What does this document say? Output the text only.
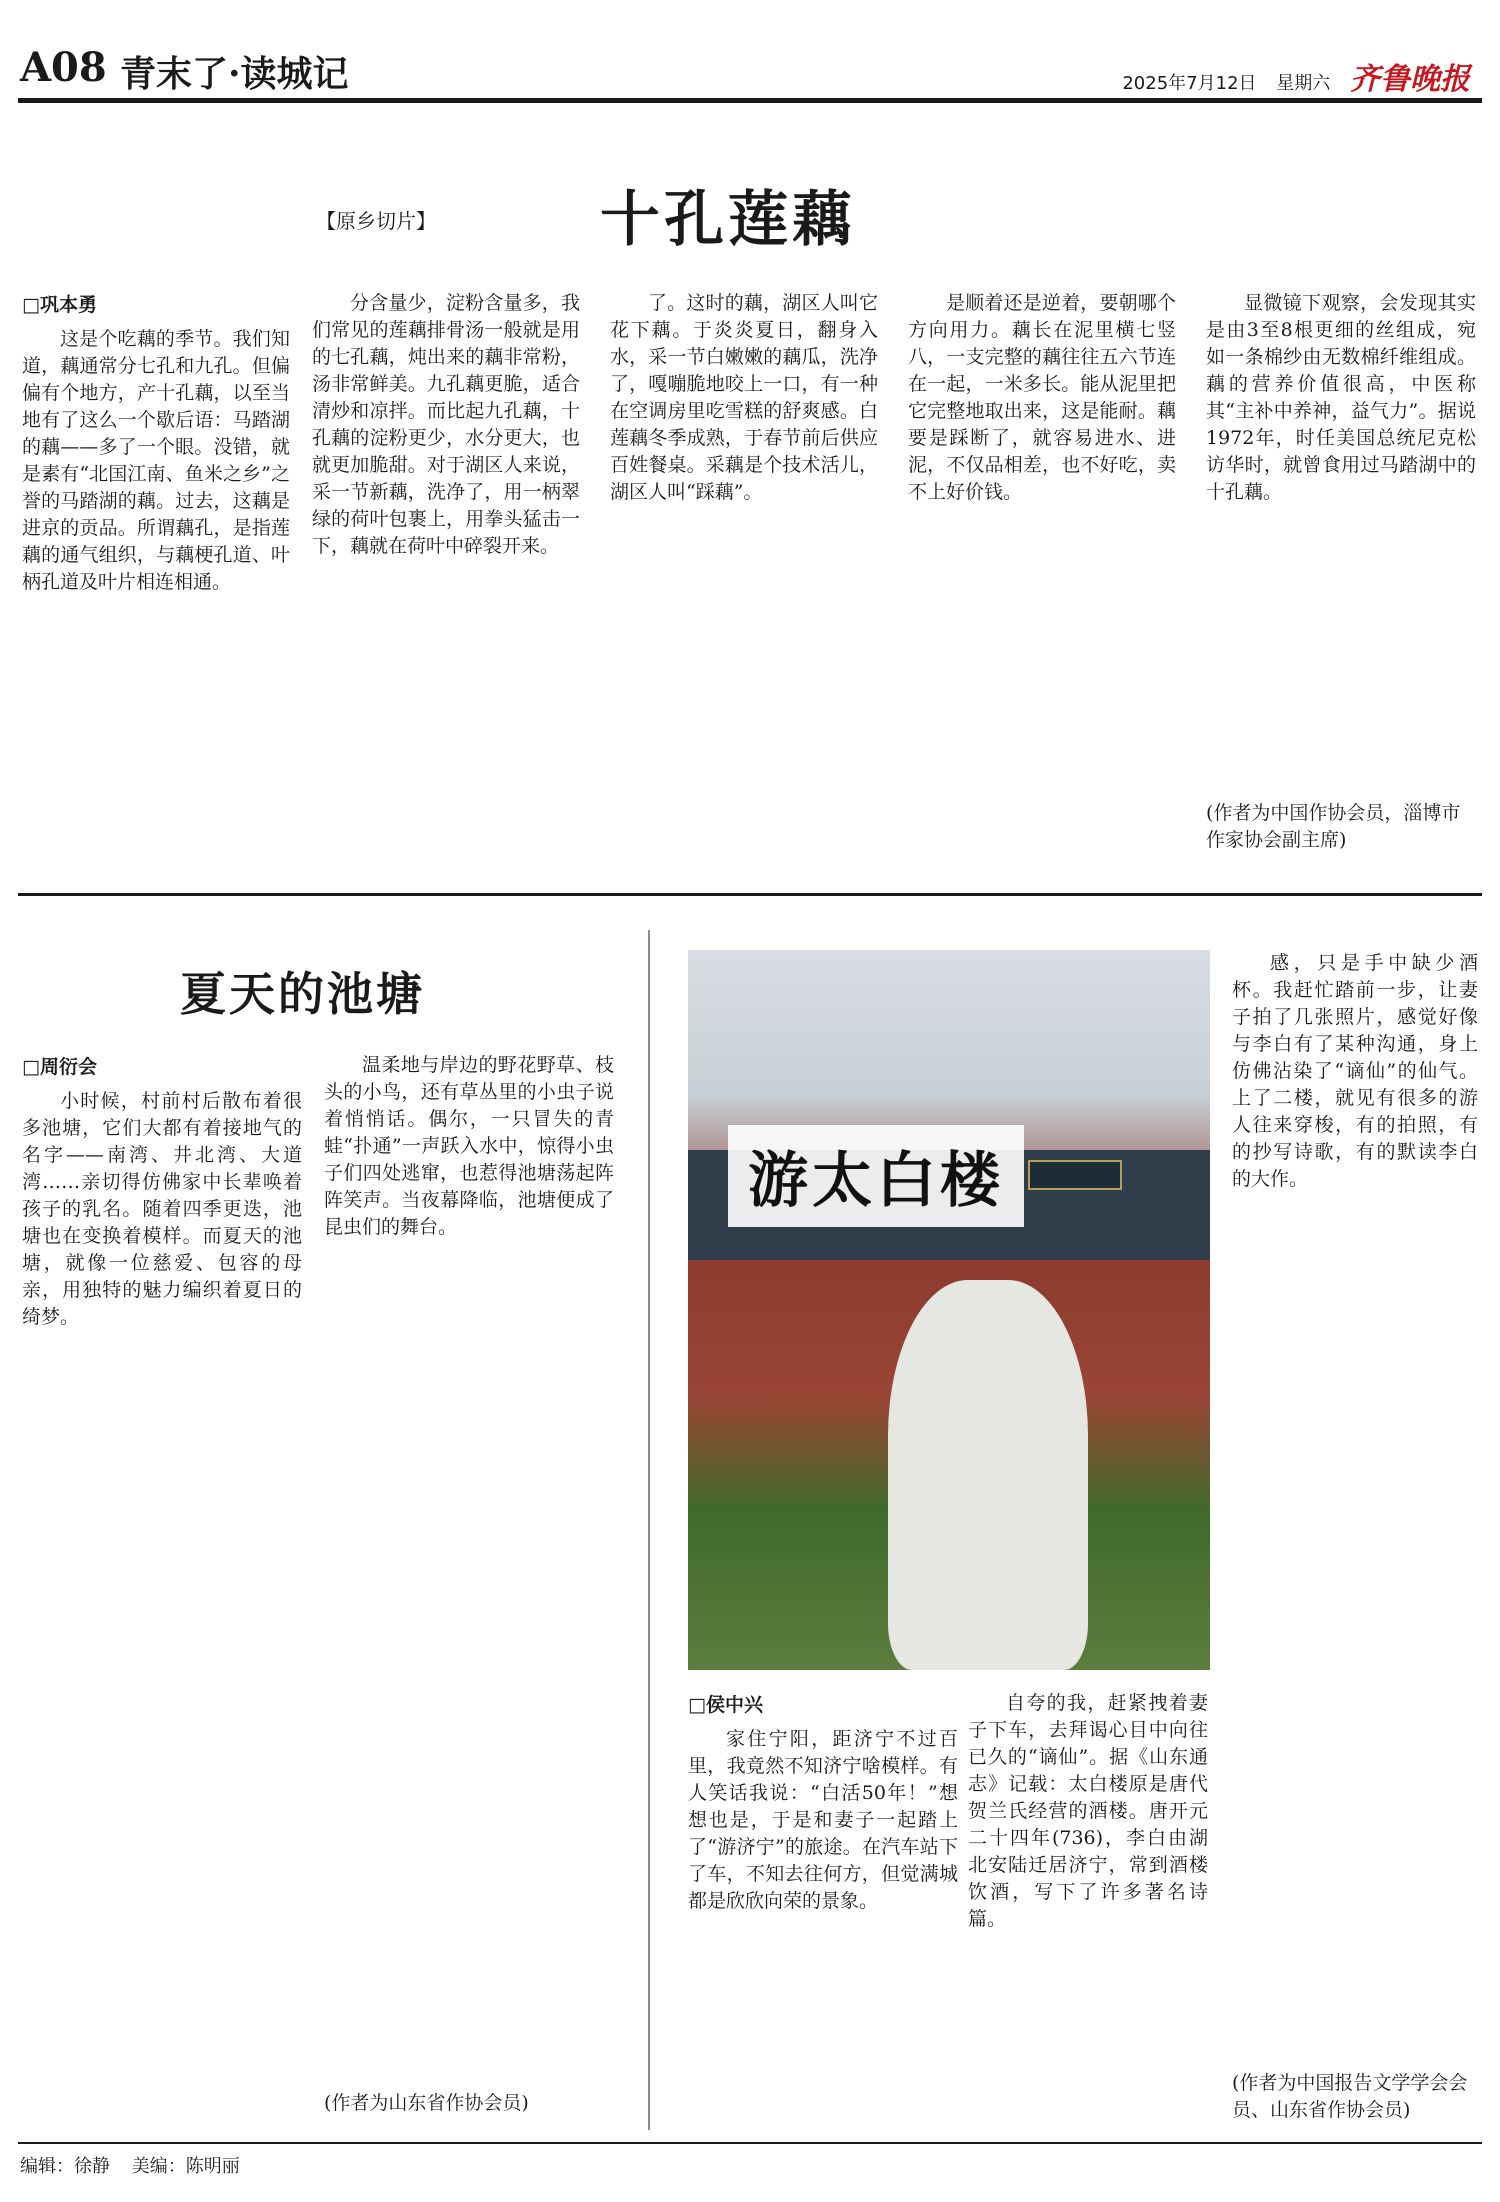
A08 青末了·读城记	2025年7月12日 星期六 齐鲁晚报
【原乡切片】	十孔莲藕
□巩本勇

这是个吃藕的季节。我们知道，藕通常分七孔和九孔。但偏偏有个地方，产十孔藕，以至当地有了这么一个歇后语：马踏湖的藕——多了一个眼。没错，就是素有“北国江南、鱼米之乡”之誉的马踏湖的藕。过去，这藕是进京的贡品。所谓藕孔，是指莲藕的通气组织，与藕梗孔道、叶柄孔道及叶片相连相通。

分含量少，淀粉含量多，我们常见的莲藕排骨汤一般就是用的七孔藕，炖出来的藕非常粉，汤非常鲜美。九孔藕更脆，适合清炒和凉拌。而比起九孔藕，十孔藕的淀粉更少，水分更大，也就更加脆甜。对于湖区人来说，采一节新藕，洗净了，用一柄翠绿的荷叶包裹上，用拳头猛击一下，藕就在荷叶中碎裂开来。

了。这时的藕，湖区人叫它花下藕。于炎炎夏日，翻身入水，采一节白嫩嫩的藕瓜，洗净了，嘎嘣脆地咬上一口，有一种在空调房里吃雪糕的舒爽感。白莲藕冬季成熟，于春节前后供应百姓餐桌。采藕是个技术活儿，湖区人叫“踩藕”。

是顺着还是逆着，要朝哪个方向用力。藕长在泥里横七竖八，一支完整的藕往往五六节连在一起，一米多长。能从泥里把它完整地取出来，这是能耐。藕要是踩断了，就容易进水、进泥，不仅品相差，也不好吃，卖不上好价钱。

显微镜下观察，会发现其实是由3至8根更细的丝组成，宛如一条棉纱由无数棉纤维组成。藕的营养价值很高，中医称其“主补中养神，益气力”。据说1972年，时任美国总统尼克松访华时，就曾食用过马踏湖中的十孔藕。

(作者为中国作协会员，淄博市作家协会副主席)
夏天的池塘
□周衍会

小时候，村前村后散布着很多池塘，它们大都有着接地气的名字——南湾、井北湾、大道湾……亲切得仿佛家中长辈唤着孩子的乳名。随着四季更迭，池塘也在变换着模样。而夏天的池塘，就像一位慈爱、包容的母亲，用独特的魅力编织着夏日的绮梦。

温柔地与岸边的野花野草、枝头的小鸟，还有草丛里的小虫子说着悄悄话。偶尔，一只冒失的青蛙“扑通”一声跃入水中，惊得小虫子们四处逃窜，也惹得池塘荡起阵阵笑声。当夜幕降临，池塘便成了昆虫们的舞台。

(作者为山东省作协会员)
游太白楼
□侯中兴

家住宁阳，距济宁不过百里，我竟然不知济宁啥模样。有人笑话我说：“白活50年！”想想也是，于是和妻子一起踏上了“游济宁”的旅途。在汽车站下了车，不知去往何方，但觉满城都是欣欣向荣的景象。

自夸的我，赶紧拽着妻子下车，去拜谒心目中向往已久的“谪仙”。据《山东通志》记载：太白楼原是唐代贺兰氏经营的酒楼。唐开元二十四年(736)，李白由湖北安陆迁居济宁，常到酒楼饮酒，写下了许多著名诗篇。

感，只是手中缺少酒杯。我赶忙踏前一步，让妻子拍了几张照片，感觉好像与李白有了某种沟通，身上仿佛沾染了“谪仙”的仙气。上了二楼，就见有很多的游人往来穿梭，有的拍照，有的抄写诗歌，有的默读李白的大作。

(作者为中国报告文学学会会员、山东省作协会员)
编辑：徐静 美编：陈明丽
